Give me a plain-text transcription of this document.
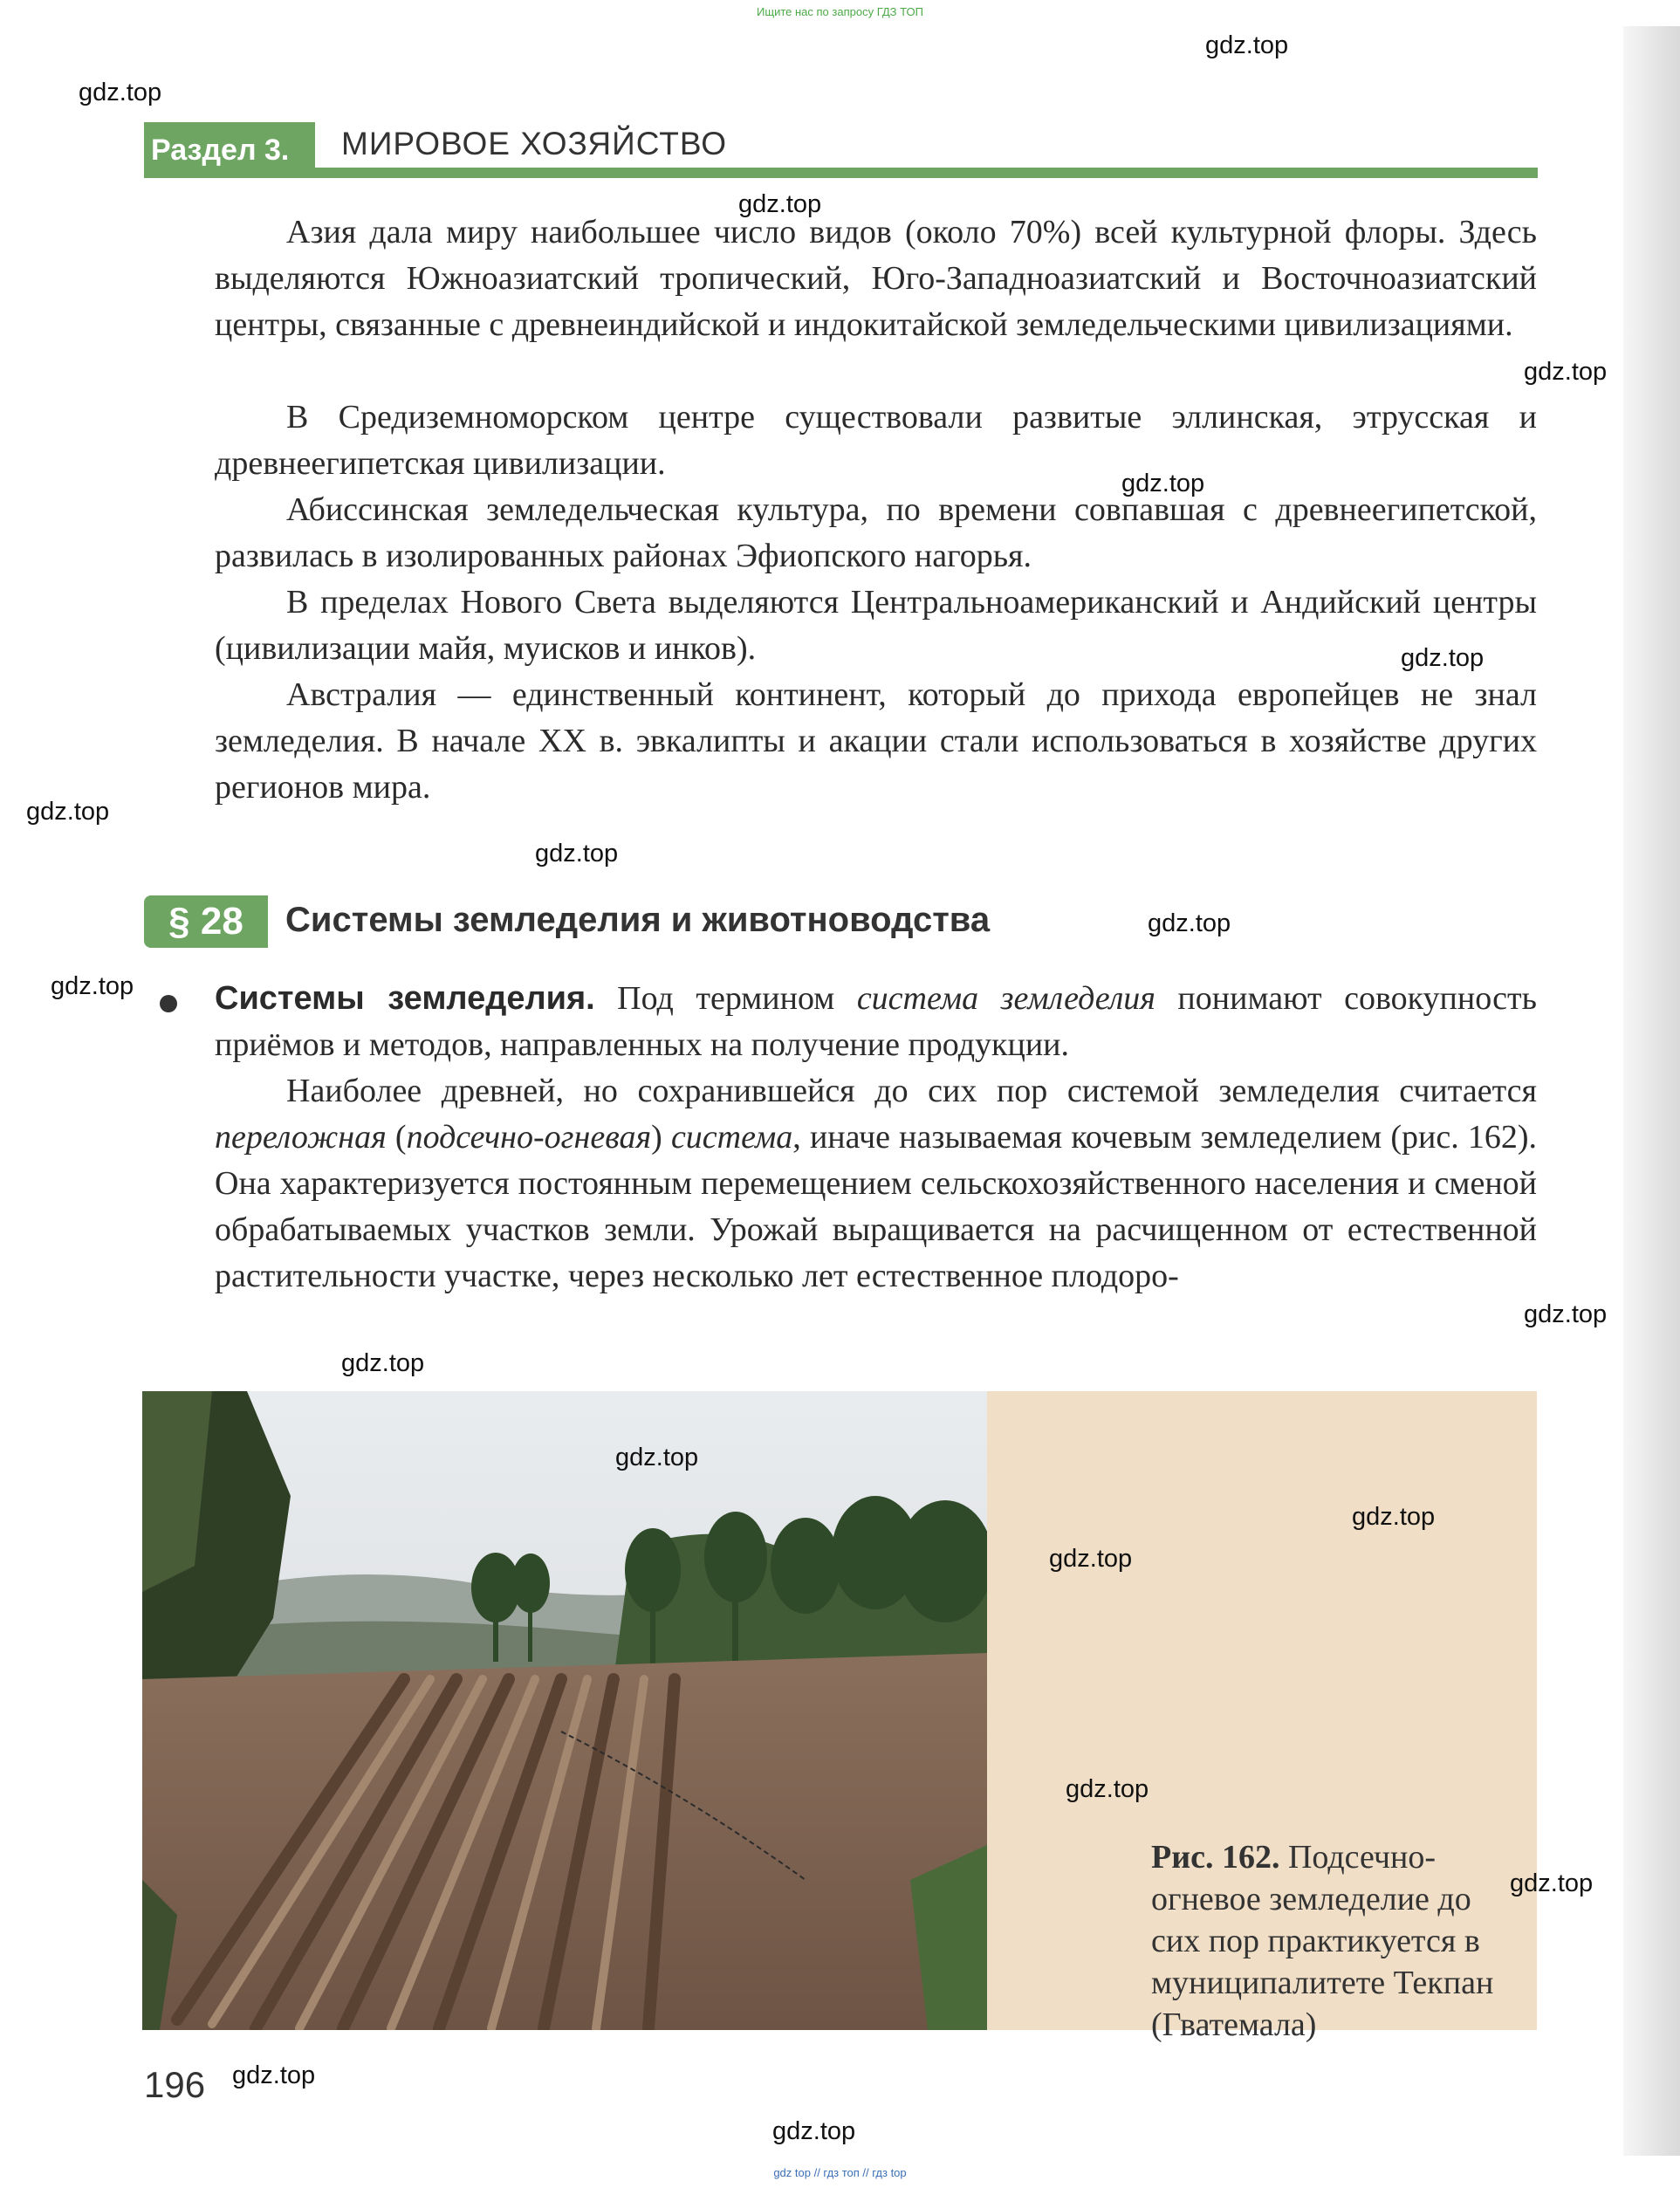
Ищите нас по запросу ГДЗ ТОП
Раздел 3.	МИРОВОЕ ХОЗЯЙСТВО

Азия дала миру наибольшее число видов (около 70%) всей культурной флоры. Здесь выделяются Южноазиатский тропический, Юго-Западноазиатский и Восточноазиатский центры, связанные с древнеиндийской и индокитайской земледельческими цивилизациями.

В Средиземноморском центре существовали развитые эллинская, этрусская и древнеегипетская цивилизации.

Абиссинская земледельческая культура, по времени совпавшая с древнеегипетской, развилась в изолированных районах Эфиопского нагорья.

В пределах Нового Света выделяются Центральноамериканский и Андийский центры (цивилизации майя, муисков и инков).

Австралия — единственный континент, который до прихода европейцев не знал земледелия. В начале XX в. эвкалипты и акации стали использоваться в хозяйстве других регионов мира.

§ 28	Системы земледелия и животноводства

Системы земледелия. Под термином система земледелия понимают совокупность приёмов и методов, направленных на получение продукции.

Наиболее древней, но сохранившейся до сих пор системой земледелия считается переложная (подсечно-огневая) система, иначе называемая кочевым земледелием (рис. 162). Она характеризуется постоянным перемещением сельскохозяйственного населения и сменой обрабатываемых участков земли. Урожай выращивается на расчищенном от естественной растительности участке, через несколько лет естественное плодоро-

Рис. 162. Подсечно-огневое земледелие до сих пор практикуется в муниципалитете Текпан (Гватемала)

196
gdz.top
gdz.top
gdz.top
gdz.top
gdz.top
gdz.top
gdz.top
gdz.top
gdz.top
gdz.top
gdz.top
gdz.top
gdz.top
gdz.top
gdz.top
gdz.top
gdz.top
gdz.top
gdz.top
gdz top // гдз топ // гдз top
